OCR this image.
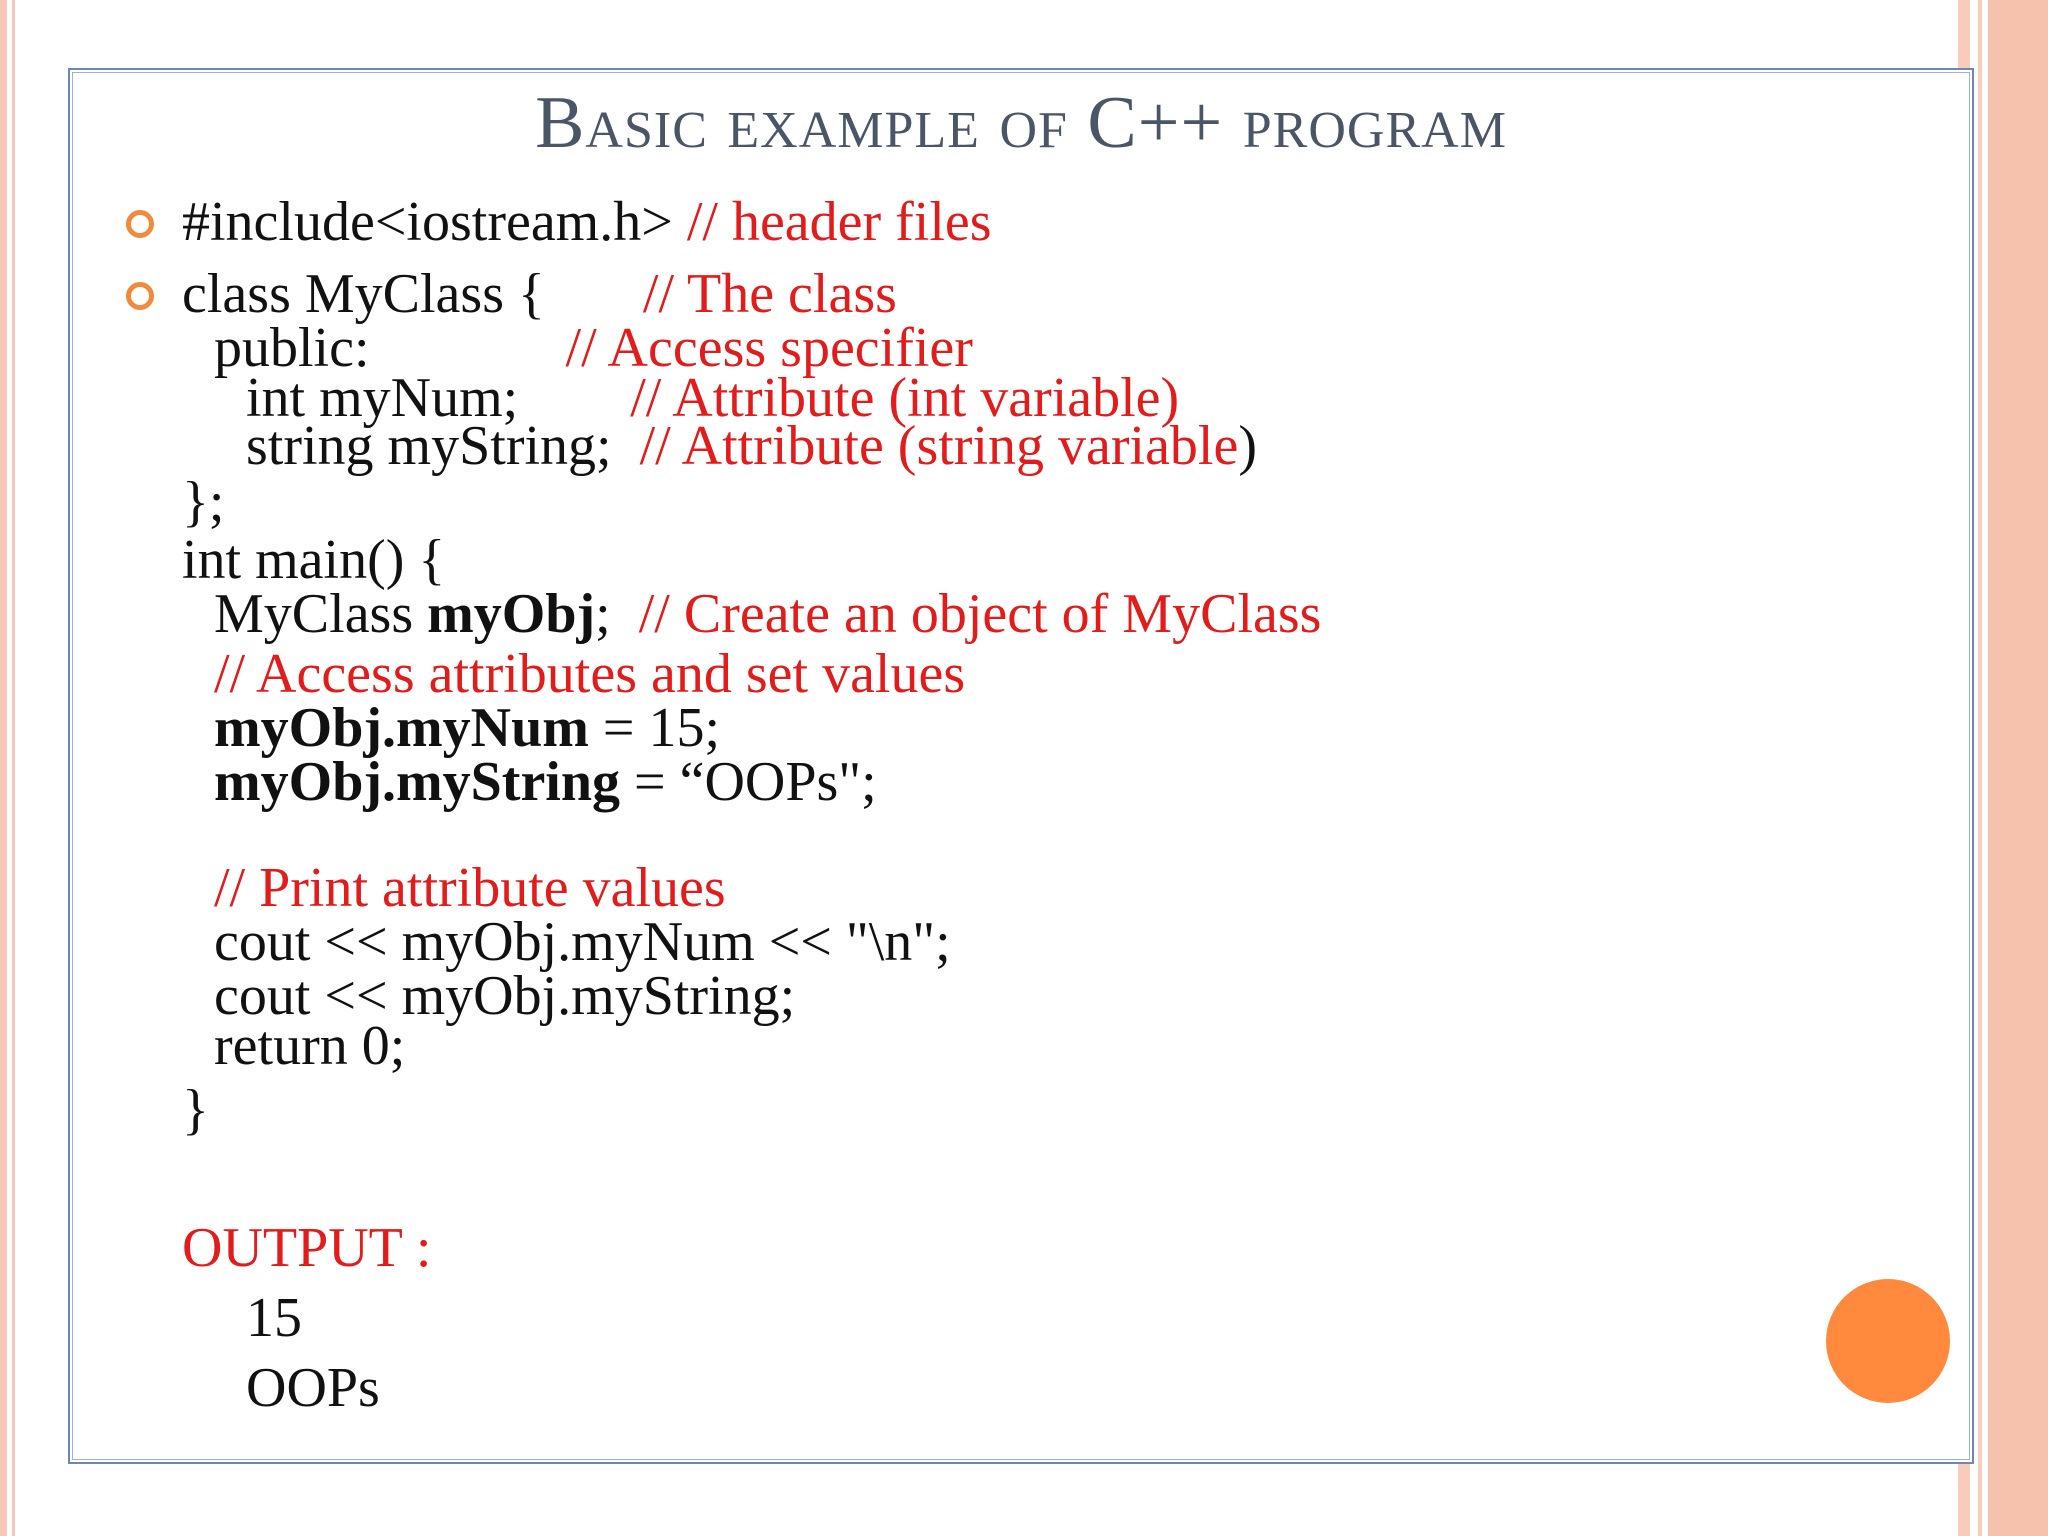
Basic example of C++ program
#include<iostream.h> // header files
class MyClass {       // The class
public:              // Access specifier
int myNum;        // Attribute (int variable)
string myString;  // Attribute (string variable)
};
int main() {
MyClass myObj;  // Create an object of MyClass
// Access attributes and set values
myObj.myNum = 15;
myObj.myString = “OOPs";
// Print attribute values
cout << myObj.myNum << "\n";
cout << myObj.myString;
return 0;
}
OUTPUT :
15
OOPs
